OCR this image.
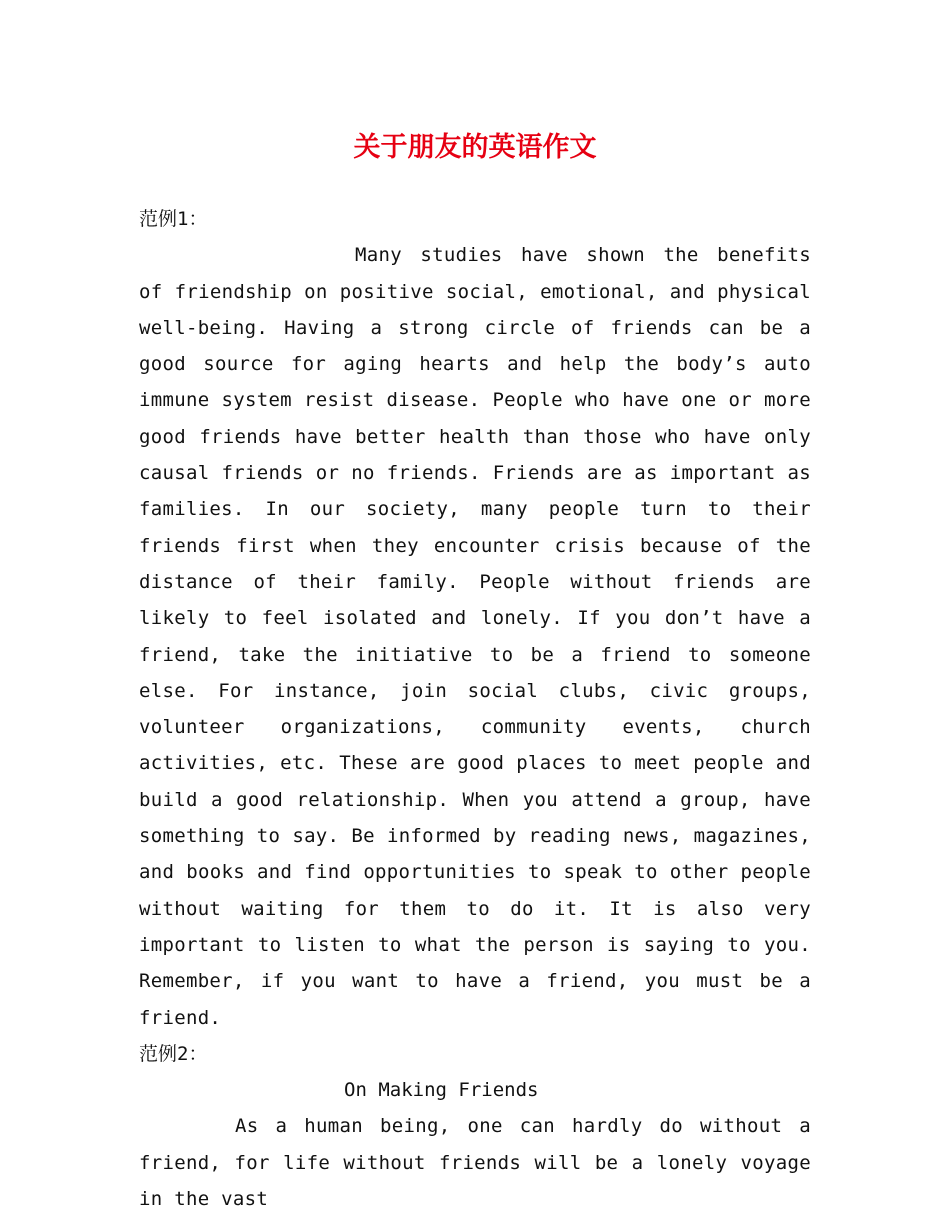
关于朋友的英语作文

范例1：

Many studies have shown the benefits of friendship on positive social, emotional, and physical well-being. Having a strong circle of friends can be a good source for aging hearts and help the body’s auto immune system resist disease. People who have one or more good friends have better health than those who have only causal friends or no friends. Friends are as important as families. In our society, many people turn to their friends first when they encounter crisis because of the distance of their family. People without friends are likely to feel isolated and lonely. If you don’t have a friend, take the initiative to be a friend to someone else. For instance, join social clubs, civic groups, volunteer organizations, community events, church activities, etc. These are good places to meet people and build a good relationship. When you attend a group, have something to say. Be informed by reading news, magazines, and books and find opportunities to speak to other people without waiting for them to do it. It is also very important to listen to what the person is saying to you. Remember, if you want to have a friend, you must be a friend.

范例2：

On Making Friends

As a human being, one can hardly do without a friend, for life without friends will be a lonely voyage in the vast
